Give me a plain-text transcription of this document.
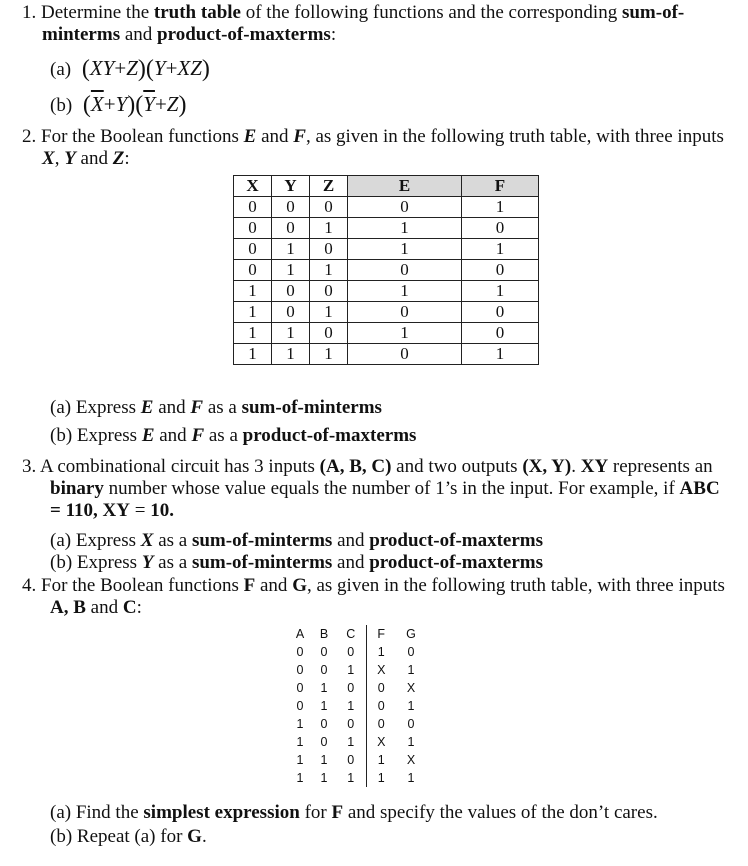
1. Determine the truth table of the following functions and the corresponding sum-of-
minterms and product-of-maxterms:
(a) (XY+Z)(Y+XZ)
(b) $(\overline{X}+Y)(\overline{Y}+Z)$
2. For the Boolean functions E and F, as given in the following truth table, with three inputs
X, Y and Z:
X	Y	Z	E	F
0	0	0	0	1
0	0	1	1	0
0	1	0	1	1
0	1	1	0	0
1	0	0	1	1
1	0	1	0	0
1	1	0	1	0
1	1	1	0	1
(a) Express E and F as a sum-of-minterms
(b) Express E and F as a product-of-maxterms
3. A combinational circuit has 3 inputs (A, B, C) and two outputs (X, Y). XY represents an
binary number whose value equals the number of 1’s in the input. For example, if ABC
= 110, XY = 10.
(a) Express X as a sum-of-minterms and product-of-maxterms
(b) Express Y as a sum-of-minterms and product-of-maxterms
4. For the Boolean functions F and G, as given in the following truth table, with three inputs
A, B and C:
A	B	C	F	G
0	0	0	1	0
0	0	1	X	1
0	1	0	0	X
0	1	1	0	1
1	0	0	0	0
1	0	1	X	1
1	1	0	1	X
1	1	1	1	1
(a) Find the simplest expression for F and specify the values of the don’t cares.
(b) Repeat (a) for G.
